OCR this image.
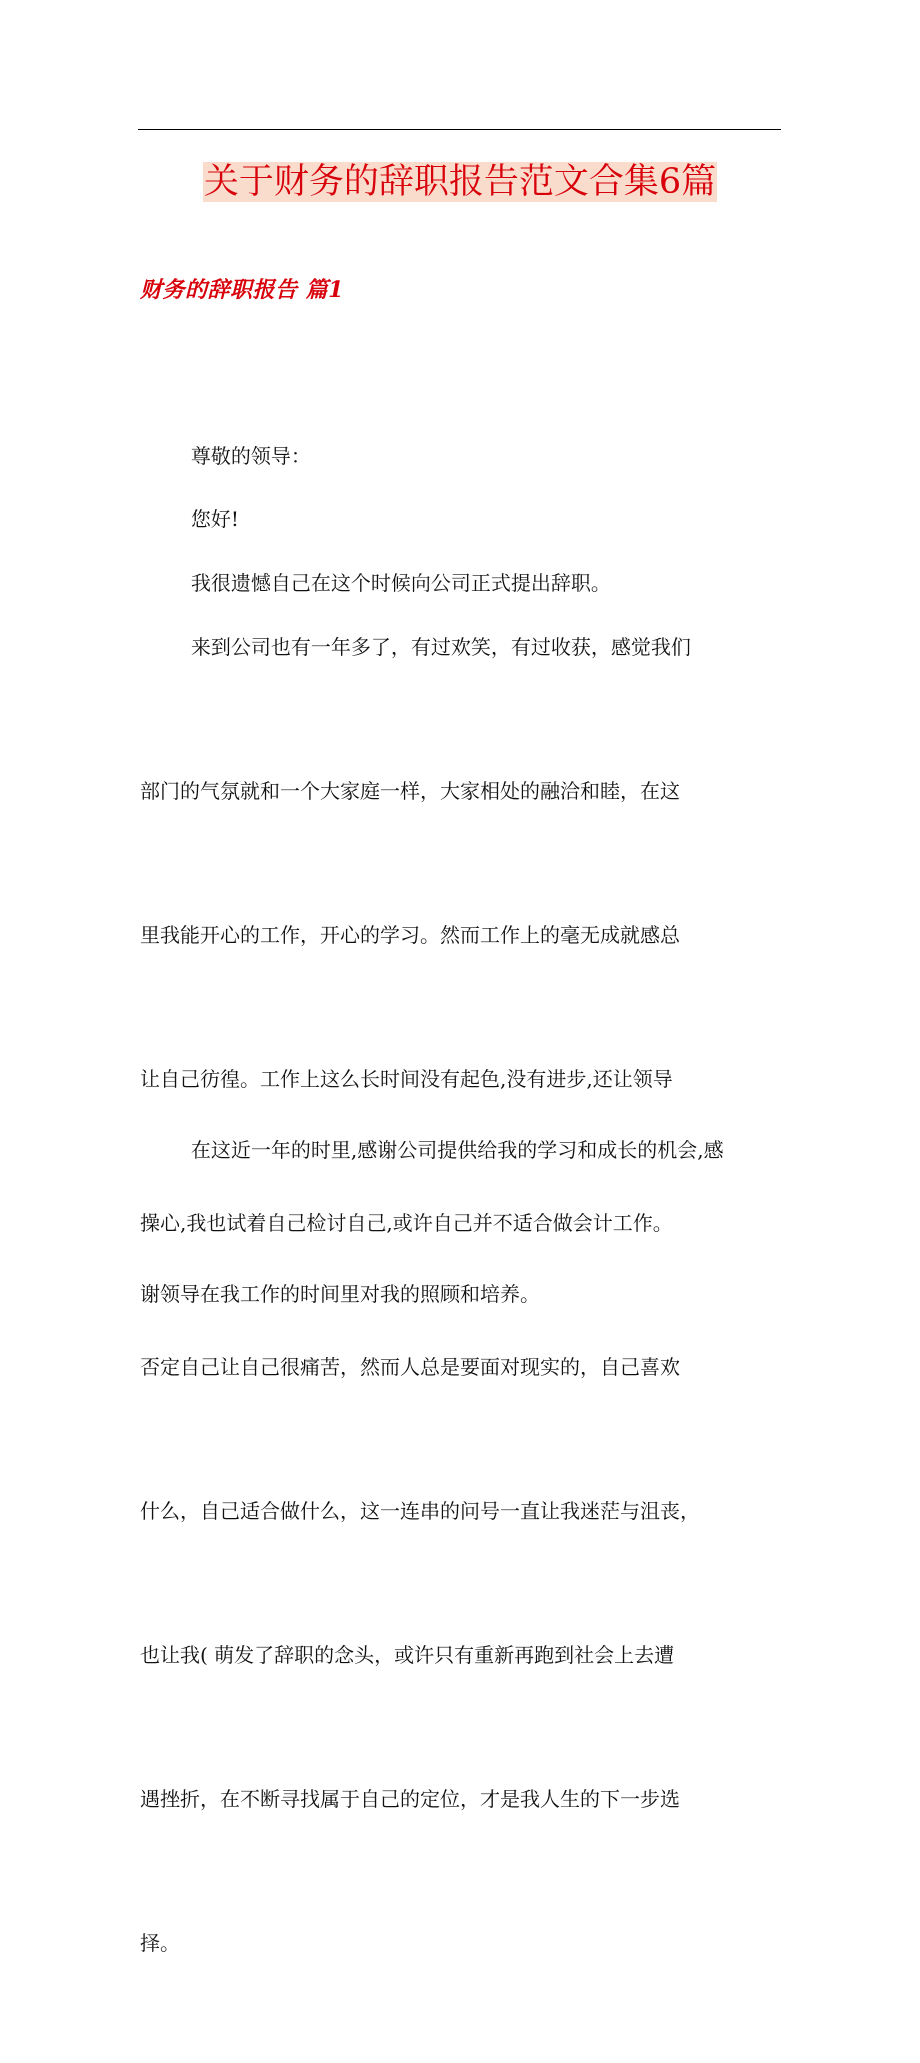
关于财务的辞职报告范文合集6篇
财务的辞职报告 篇1

尊敬的领导：

您好!

我很遗憾自己在这个时候向公司正式提出辞职。

来到公司也有一年多了，有过欢笑，有过收获，感觉我们

部门的气氛就和一个大家庭一样，大家相处的融洽和睦，在这

里我能开心的工作，开心的学习。然而工作上的毫无成就感总

让自己彷徨。工作上这么长时间没有起色,没有进步,还让领导

操心,我也试着自己检讨自己,或许自己并不适合做会计工作。

否定自己让自己很痛苦，然而人总是要面对现实的，自己喜欢

什么，自己适合做什么，这一连串的问号一直让我迷茫与沮丧，

也让我( 萌发了辞职的念头，或许只有重新再跑到社会上去遭

遇挫折，在不断寻找属于自己的定位，才是我人生的下一步选

择。

在这近一年的时里,感谢公司提供给我的学习和成长的机会,感

谢领导在我工作的时间里对我的照顾和培养。
